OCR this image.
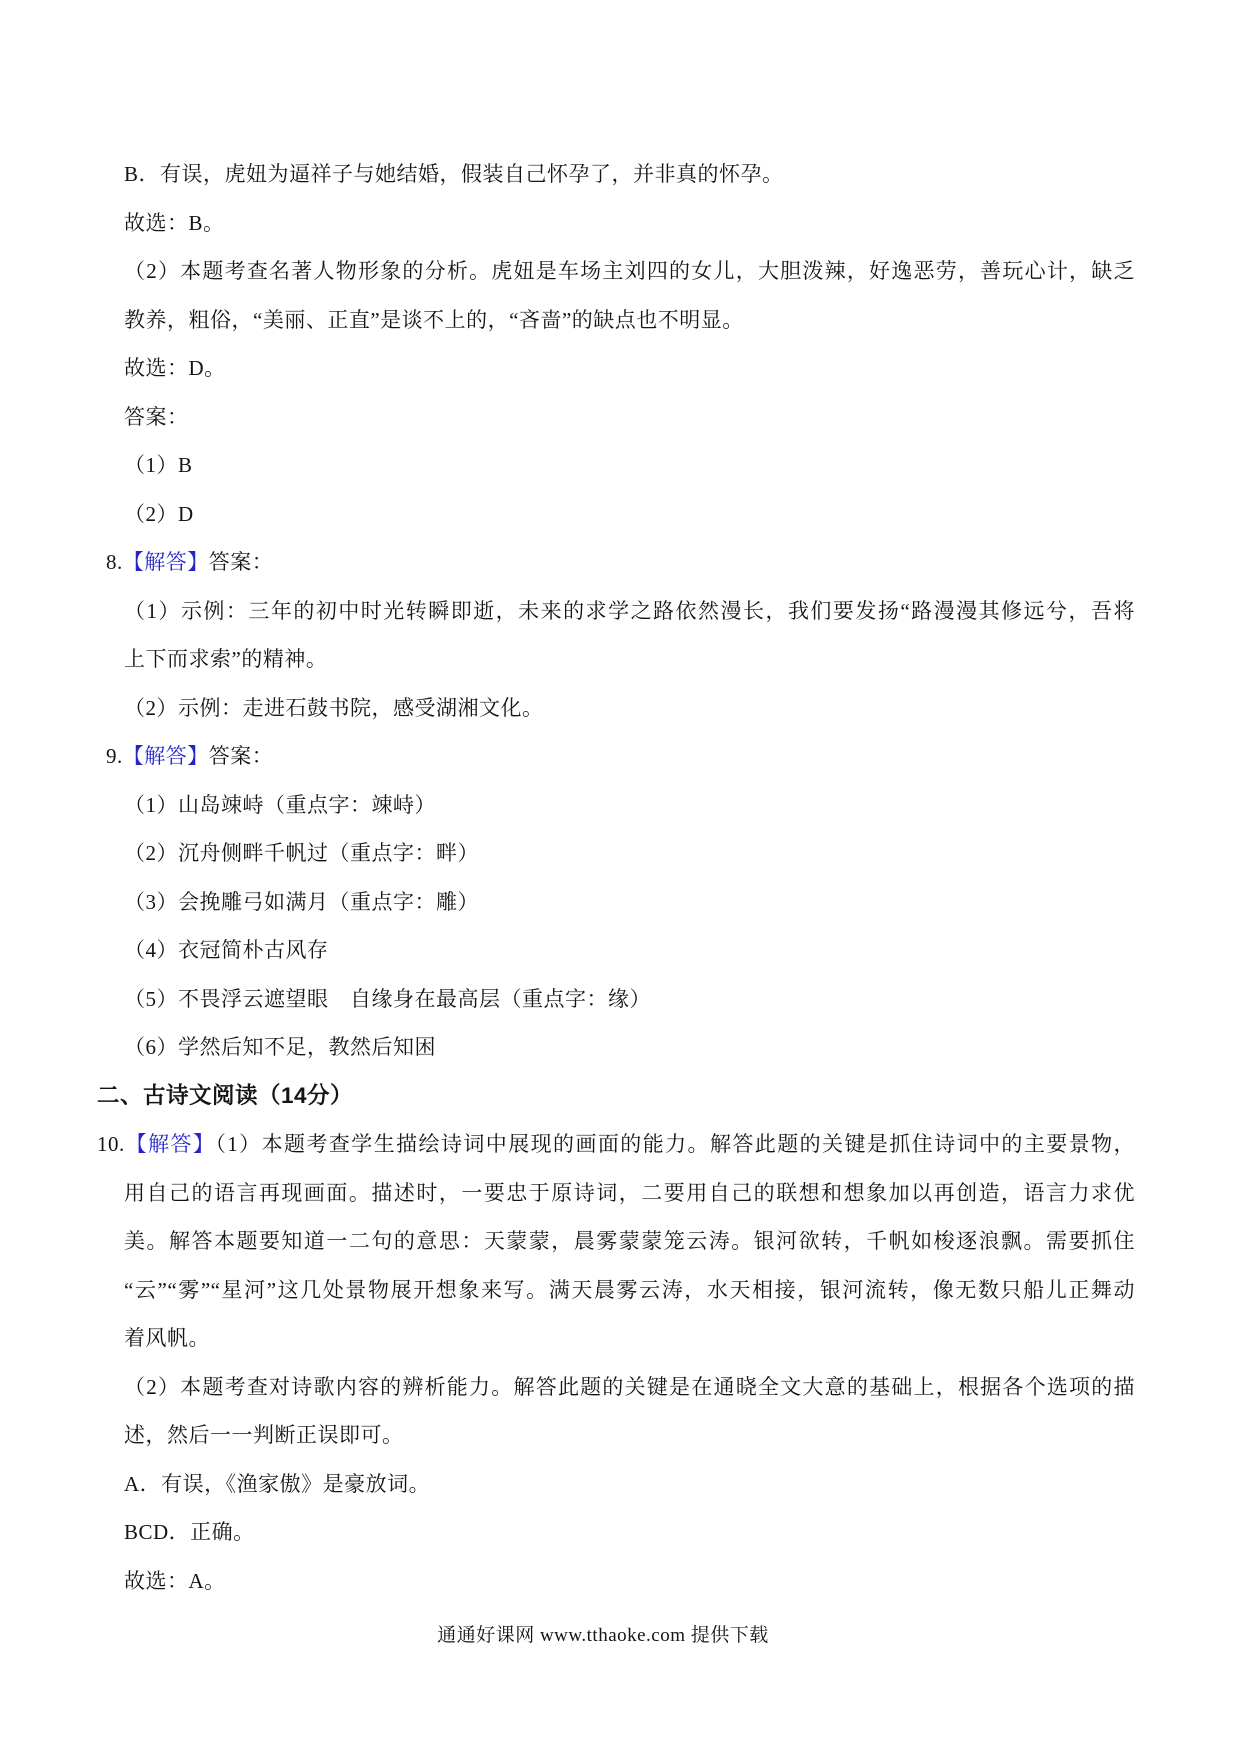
B．有误，虎妞为逼祥子与她结婚，假装自己怀孕了，并非真的怀孕。
故选：B。
（2）本题考查名著人物形象的分析。虎妞是车场主刘四的女儿，大胆泼辣，好逸恶劳，善玩心计，缺乏
教养，粗俗，“美丽、正直”是谈不上的，“吝啬”的缺点也不明显。
故选：D。
答案：
（1）B
（2）D
8.【解答】答案：
（1）示例：三年的初中时光转瞬即逝，未来的求学之路依然漫长，我们要发扬“路漫漫其修远兮，吾将
上下而求索”的精神。
（2）示例：走进石鼓书院，感受湖湘文化。
9.【解答】答案：
（1）山岛竦峙（重点字：竦峙）
（2）沉舟侧畔千帆过（重点字：畔）
（3）会挽雕弓如满月（重点字：雕）
（4）衣冠简朴古风存
（5）不畏浮云遮望眼　自缘身在最高层（重点字：缘）
（6）学然后知不足，教然后知困
二、古诗文阅读（14分）
10.【解答】（1）本题考查学生描绘诗词中展现的画面的能力。解答此题的关键是抓住诗词中的主要景物，
用自己的语言再现画面。描述时，一要忠于原诗词，二要用自己的联想和想象加以再创造，语言力求优
美。解答本题要知道一二句的意思：天蒙蒙，晨雾蒙蒙笼云涛。银河欲转，千帆如梭逐浪飘。需要抓住
“云”“雾”“星河”这几处景物展开想象来写。满天晨雾云涛，水天相接，银河流转，像无数只船儿正舞动
着风帆。
（2）本题考查对诗歌内容的辨析能力。解答此题的关键是在通晓全文大意的基础上，根据各个选项的描
述，然后一一判断正误即可。
A．有误，《渔家傲》是豪放词。
BCD．正确。
故选：A。
通通好课网 www.tthaoke.com 提供下载
